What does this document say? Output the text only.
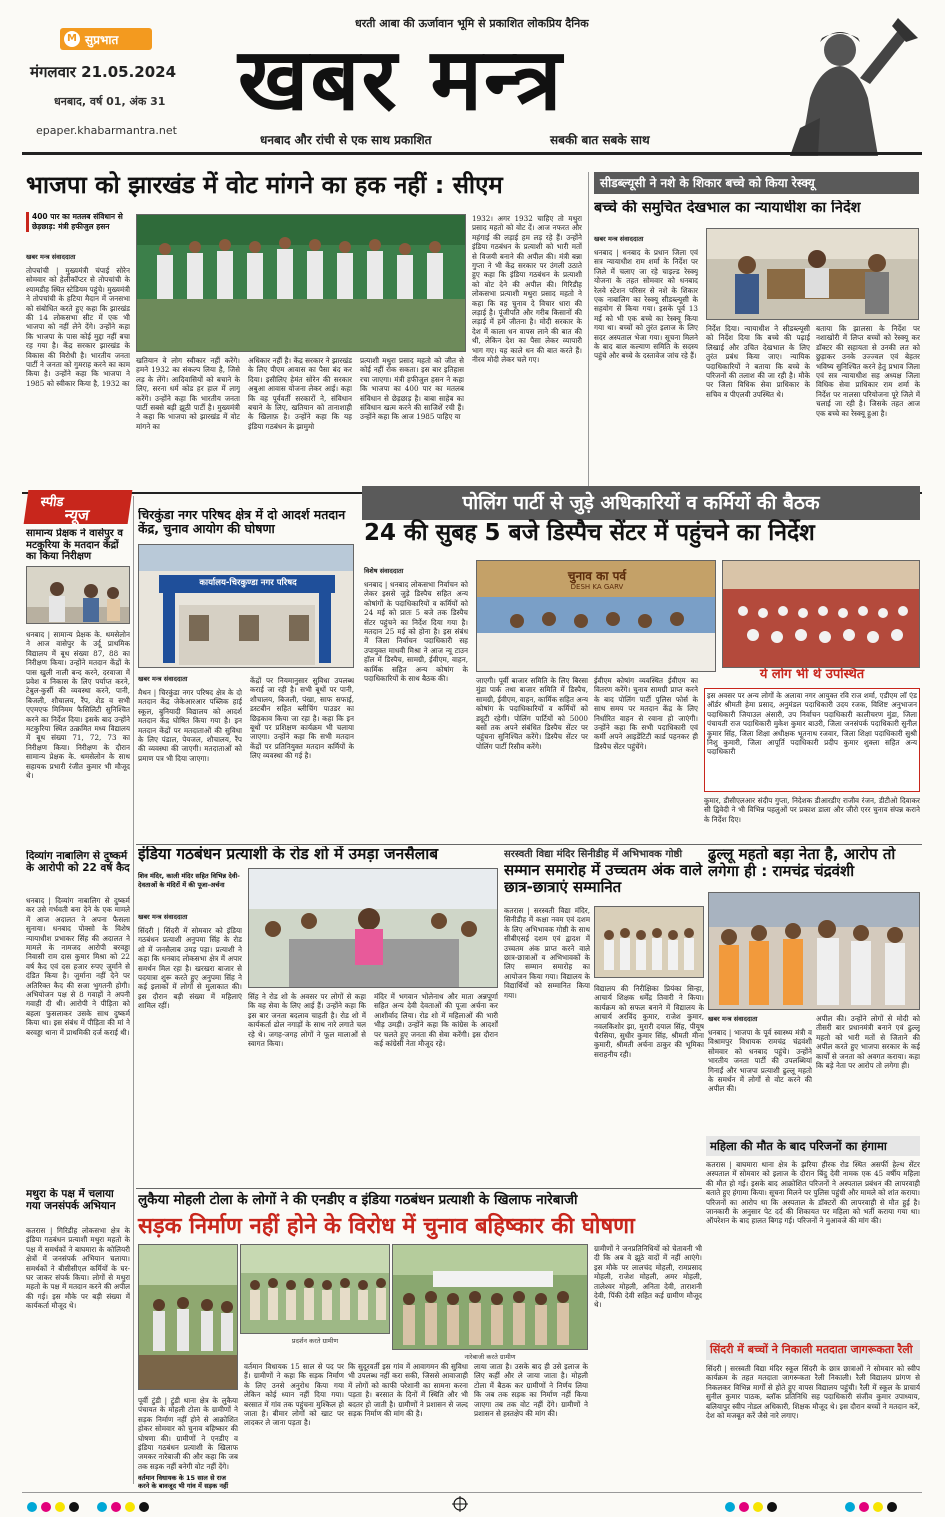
M सुप्रभात
धरती आबा की ऊर्जावान भूमि से प्रकाशित लोकप्रिय दैनिक
खबर मन्त्र
मंगलवार 21.05.2024
धनबाद, वर्ष 01, अंक 31
epaper.khabarmantra.net
धनबाद और रांची से एक साथ प्रकाशित	सबकी बात सबके साथ
भाजपा को झारखंड में वोट मांगने का हक नहीं : सीएम
400 पार का मतलब संविधान से छेड़छाड़: मंत्री हफीजुल हसन
खबर मन्त्र संवाददाता
तोपचांची | मुख्यमंत्री चंपाई सोरेन सोमवार को हेलीकॉप्टर से तोपचांची के श्यामडीह स्थित स्टेडियम पहुंचे। मुख्यमंत्री ने तोपचांची के हटिया मैदान में जनसभा को संबोधित करते हुए कहा कि झारखंड की 14 लोकसभा सीट में एक भी भाजपा को नहीं लेने देंगे। उन्होंने कहा कि भाजपा के पास कोई मुद्दा नहीं बचा रह गया है। केंद्र सरकार झारखंड के विकास की विरोधी है। भारतीय जनता पार्टी ने जनता को गुमराह करने का काम किया है। उन्होंने कहा कि भाजपा ने 1985 को स्वीकार किया है, 1932 का
खतियान वे लोग स्वीकार नहीं करेंगे। हमने 1932 का संकल्प लिया है, जिसे लड़ के लेंगे। आदिवासियों को बचाने के लिए, सरना धर्म कोड हर हाल में लागू करेंगे। उन्होंने कहा कि भारतीय जनता पार्टी सबसे बड़ी झूठी पार्टी है। मुख्यमंत्री ने कहा कि भाजपा को झारखंड में वोट मांगने का
अधिकार नहीं है। केंद्र सरकार ने झारखंड के लिए पीएम आवास का पैसा बंद कर दिया। इसीलिए हेमंत सोरेन की सरकार अबुआ आवास योजना लेकर आई। कहा कि वह पूर्ववर्ती सरकारों ने, संविधान बचाने के लिए, खतियान को तानाशाही के खिलाफ़ है। उन्होंने कहा कि यह इंडिया गठबंधन के झामुमो
प्रत्याशी मथुरा प्रसाद महतो को जीत से कोई नहीं रोक सकता। इस बार इतिहास रचा जाएगा। मंत्री हफीजुल हसन ने कहा कि भाजपा का 400 पार का मतलब संविधान से छेड़छाड़ है। बाबा साहेब का संविधान खत्म करने की साजिशें रची हैं। उन्होंने कहा कि आज 1985 पाहिए या
1932। अगर 1932 चाहिए तो मथुरा प्रसाद महतो को वोट दें। आज नफरत और महंगाई की लड़ाई हम लड़ रहे हैं। उन्होंने इंडिया गठबंधन के प्रत्याशी को भारी मतों से विजयी बनाने की अपील की। मंत्री बन्ना गुप्ता ने भी केंद्र सरकार पर उंगली उठाते हुए कहा कि इंडिया गठबंधन के प्रत्याशी को वोट देने की अपील की। गिरिडीह लोकसभा प्रत्याशी मथुरा प्रसाद महतो ने कहा कि वह चुनाव दे विचार धारा की लड़ाई है। पूंजीपति और गरीब किसानों की लड़ाई में हमें जीतना है। मोदी सरकार के देश में काला धन वापस लाने की बात की थी, लेकिन देश का पैसा लेकर व्यापारी भाग गए। यह काले धन की बात करते हैं। नीरव मोदी लेकर चले गए।
सीडब्ल्यूसी ने नशे के शिकार बच्चे को किया रेस्क्यू
बच्चे की समुचित देखभाल का न्यायाधीश का निर्देश
खबर मन्त्र संवाददाता
धनबाद | धनबाद के प्रधान जिला एवं सत्र न्यायाधीश राम शर्मा के निर्देश पर जिले में चलाए जा रहे चाइल्ड रेस्क्यू योजना के तहत सोमवार को धनबाद रेलवे स्टेशन परिसर से नशे के शिकार एक नाबालिग का रेस्क्यू सीडब्ल्यूसी के सहयोग से किया गया। इसके पूर्व 13 मई को भी एक बच्चे का रेस्क्यू किया गया था। बच्चों को तुरंत इलाज के लिए सदर अस्पताल भेजा गया। सूचना मिलने के बाद बाल कल्याण समिति के सदस्य पहुंचे और बच्चे के दस्तावेज जांच रहे हैं।
निर्देश दिया। न्यायाधीश ने सीडब्ल्यूसी को निर्देश दिया कि बच्चे की पढ़ाई लिखाई और उचित देखभाल के लिए तुरंत प्रबंध किया जाए। न्यायिक पदाधिकारियों ने बताया कि बच्चे के परिजनों की तलाश की जा रही है। मौके पर जिला विधिक सेवा प्राधिकार के सचिव व पीएलवी उपस्थित थे।
बताया कि झालसा के निर्देश पर नशाखोरी में लिप्त बच्चों को रेस्क्यू कर डॉक्टर की सहायता से उनकी लत को छुड़ाकर उनके उज्ज्वल एवं बेहतर भविष्य सुनिश्चित करने हेतु प्रभाव जिला एवं सत्र न्यायाधीश सह अध्यक्ष जिला विधिक सेवा प्राधिकार राम शर्मा के निर्देश पर नालसा परियोजना पूरे जिले में चलाई जा रही है। जिसके तहत आज एक बच्चे का रेस्क्यू हुआ है।
स्पीड
न्यूज
सामान्य प्रेक्षक ने वासेपुर व मटकुरिया के मतदान केंद्रों का किया निरीक्षण
धनबाद | सामान्य प्रेक्षक के. थमसेलोन ने आज वासेपुर के उर्दू प्राथमिक विद्यालय में बूथ संख्या 87, 88 का निरीक्षण किया। उन्होंने मतदान केंद्रों के पास खुली नाली बन्द करने, दरवाजा में प्रवेश व निकास के लिए पर्याप्त करने, टेबुल-कुर्सी की व्यवस्था करने, पानी, बिजली, शौचालय, रैंप, शेड व सभी एएमएफ मिनिमम फैसिलिटी सुनिश्चित करने का निर्देश दिया। इसके बाद उन्होंने मटकुरिया स्थित उत्क्रमित मध्य विद्यालय में बूथ संख्या 71, 72, 73 का निरीक्षण किया। निरीक्षण के दौरान सामान्य प्रेक्षक के. थमसेलोन के साथ सहायक प्रभारी रंजीत कुमार भी मौजूद थे।
दिव्यांग नाबालिग से दुष्कर्म के आरोपी को 22 वर्ष कैद
धनबाद | दिव्यांग नाबालिग से दुष्कर्म कर उसे गर्भवती बना देने के एक मामले में आज अदालत ने अपना फैसला सुनाया। धनबाद पोक्सो के विशेष न्यायाधीश प्रभाकर सिंह की अदालत ने मामले के नामजद आरोपी बरवड्डा निवासी राम दास कुमार मिश्रा को 22 वर्ष कैद एवं दस हजार रुपए जुर्माने से दंडित किया है। जुर्माना नहीं देने पर अतिरिक्त कैद की सजा भुगतनी होगी। अभियोजन पक्ष से 8 गवाहों ने अपनी गवाही दी थी। आरोपी ने पीड़िता को बहला फुसलाकर उसके साथ दुष्कर्म किया था। इस संबंध में पीड़िता की मां ने बरवड्डा थाना में प्राथमिकी दर्ज कराई थी।
मथुरा के पक्ष में चलाया गया जनसंपर्क अभियान
कतरास | गिरिडीह लोकसभा क्षेत्र के इंडिया गठबंधन प्रत्याशी मथुरा महतो के पक्ष में समर्थकों ने बाघमारा के कोलियरी क्षेत्रों में जनसंपर्क अभियान चलाया। समर्थकों ने बीसीसीएल कर्मियों के घर-घर जाकर संपर्क किया। लोगों से मथुरा महतो के पक्ष में मतदान करने की अपील की गई। इस मौके पर बड़ी संख्या में कार्यकर्ता मौजूद थे।
चिरकुंडा नगर परिषद क्षेत्र में दो आदर्श मतदान केंद्र, चुनाव आयोग की घोषणा
कार्यालय-चिरकुण्डा नगर परिषद
खबर मन्त्र संवाददाता
मैथन | चिरकुंडा नगर परिषद क्षेत्र के दो मतदान केंद्र जेकेआरआर पब्लिक हाई स्कूल, बुनियादी विद्यालय को आदर्श मतदान केंद्र घोषित किया गया है। इन मतदान केंद्रों पर मतदाताओं की सुविधा के लिए पंडाल, पेयजल, शौचालय, रैंप की व्यवस्था की जाएगी। मतदाताओं को प्रमाण पत्र भी दिया जाएगा।
केंद्रों पर नियमानुसार सुविधा उपलब्ध कराई जा रही है। सभी बूथों पर पानी, शौचालय, बिजली, पंखा, साफ सफाई, डस्टबीन सहित ब्लीचिंग पाउडर का छिड़काव किया जा रहा है। कहा कि इन बूथों पर प्रशिक्षण कार्यक्रम भी चलाया जाएगा। उन्होंने कहा कि सभी मतदान केंद्रों पर प्रतिनियुक्त मतदान कर्मियों के लिए व्यवस्था की गई है।
पोलिंग पार्टी से जुड़े अधिकारियों व कर्मियों की बैठक
24 की सुबह 5 बजे डिस्पैच सेंटर में पहुंचने का निर्देश
विशेष संवाददाता
धनबाद | धनबाद लोकसभा निर्वाचन को लेकर इससे जुड़े डिस्पैच सहित अन्य कोषांगों के पदाधिकारियों व कर्मियों को 24 मई को प्रातः 5 बजे तक डिस्पैच सेंटर पहुंचने का निर्देश दिया गया है। मतदान 25 मई को होना है। इस संबंध में जिला निर्वाचन पदाधिकारी सह उपायुक्त माधवी मिश्रा ने आज न्यू टाउन हॉल में डिस्पैच, सामग्री, ईवीएम, वाहन, कार्मिक सहित अन्य कोषांग के पदाधिकारियों के साथ बैठक की।
चुनाव का पर्व
DESH KA GARV
जाएगी। पूर्वी बाजार समिति के लिए बिरसा मुंडा पार्क तथा बाजार समिति में डिस्पैच, सामग्री, ईवीएम, वाहन, कार्मिक सहित अन्य कोषांग के पदाधिकारियों व कर्मियों को ड्यूटी रहेगी। पोलिंग पार्टियों को 5000 बसों तक अपने संबंधित डिस्पैच सेंटर पर पहुंचना सुनिश्चित करेंगे। डिस्पैच सेंटर पर पोलिंग पार्टी रिसीव करेंगे।
ईवीएम कोषांग व्यवस्थित ईवीएम का वितरण करेंगे। चुनाव सामग्री प्राप्त करने के बाद पोलिंग पार्टी पुलिस फोर्स के साथ समय पर मतदान केंद्र के लिए निर्धारित वाहन से रवाना हो जाएंगी। उन्होंने कहा कि सभी पदाधिकारी एवं कर्मी अपने आइडेंटिटी कार्ड पहनकर ही डिस्पैच सेंटर पहुंचेंगे।
ये लोग भी थे उपस्थित
इस अवसर पर अन्य लोगों के अलावा नगर आयुक्त रवि राज शर्मा, एडीएम लॉ एंड ऑर्डर श्रीमती हेमा प्रसाद, अनुमंडल पदाधिकारी उदय रजक, विशिष्ट अनुभाजन पदाधिकारी जियाउल अंसारी, उप निर्वाचन पदाधिकारी कालीचरण मुंडा, जिला पंचायती राज पदाधिकारी मुकेश कुमार बाउरी, जिला जनसंपर्क पदाधिकारी सुनील कुमार सिंह, जिला शिक्षा अधीक्षक भूतनाथ रजवार, जिला शिक्षा पदाधिकारी सुश्री निशु कुमारी, जिला आपूर्ति पदाधिकारी प्रदीप कुमार शुक्ला सहित अन्य पदाधिकारी
कुमार, डीसीएलआर संदीप गुप्ता, निदेशक डीआरडीए राजीव रंजन, डीटीओ दिवाकर सी द्विवेदी ने भी विभिन्न पहलुओं पर प्रकाश डाला और जीरो एरर चुनाव संपन्न कराने के निर्देश दिए।
इंडिया गठबंधन प्रत्याशी के रोड शो में उमड़ा जनसैलाब
शिव मंदिर, काली मंदिर सहित विभिन्न देवी-देवताओं के मंदिरों में की पूजा-अर्चना
खबर मन्त्र संवाददाता
सिंदरी | सिंदरी में सोमवार को इंडिया गठबंधन प्रत्याशी अनुपमा सिंह के रोड शो में जनसैलाब उमड़ पड़ा। प्रत्याशी ने कहा कि धनबाद लोकसभा क्षेत्र में अपार समर्थन मिल रहा है। खरखरा बाजार से पदयात्रा शुरू करते हुए अनुपमा सिंह ने कई इलाकों में लोगों से मुलाकात की। इस दौरान बड़ी संख्या में महिलाएं शामिल रहीं।
सिंह ने रोड शो के अवसर पर लोगों से कहा कि वह सेवा के लिए आई हैं। उन्होंने कहा कि इस बार जनता बदलाव चाहती है। रोड शो में कार्यकर्ता ढोल नगाड़ों के साथ नारे लगाते चल रहे थे। जगह-जगह लोगों ने फूल मालाओं से स्वागत किया।
मंदिर में भगवान भोलेनाथ और माता अन्नपूर्णा सहित अन्य देवी देवताओं की पूजा अर्चना कर आशीर्वाद लिया। रोड शो में महिलाओं की भारी भीड़ उमड़ी। उन्होंने कहा कि कांग्रेस के आदर्शों पर चलते हुए जनता की सेवा करेंगी। इस दौरान कई कांग्रेसी नेता मौजूद रहे।
सरस्वती विद्या मंदिर सिनीडीह में अभिभावक गोष्ठी
सम्मान समारोह में उच्चतम अंक वाले छात्र-छात्राएं सम्मानित
कतरास | सरस्वती विद्या मंदिर, सिनीडीह में कक्षा नवम एवं दशम के लिए अभिभावक गोष्ठी के साथ सीबीएसई दशम एवं द्वादश में उच्चतम अंक प्राप्त करने वाले छात्र-छात्राओं व अभिभावकों के लिए सम्मान समारोह का आयोजन किया गया। विद्यालय के विद्यार्थियों को सम्मानित किया गया।
विद्यालय की निरीक्षिका प्रियंका सिन्हा, आचार्य शिक्षक धर्मेंद्र तिवारी ने किया। कार्यक्रम को सफल बनाने में विद्यालय के आचार्य अरविंद कुमार, राजेश कुमार, नवलकिशोर झा, मुरारी दयाल सिंह, पीयूष चैरसिया, सुधीर कुमार सिंह, श्रीमती मीना कुमारी, श्रीमती अर्चना ठाकुर की भूमिका सराहनीय रही।
ढुल्लू महतो बड़ा नेता है, आरोप तो लगेगा ही : रामचंद्र चंद्रवंशी
खबर मन्त्र संवाददाता
धनबाद | भाजपा के पूर्व स्वास्थ्य मंत्री व विश्रामपुर विधायक रामचंद्र चंद्रवंशी सोमवार को धनबाद पहुंचे। उन्होंने भारतीय जनता पार्टी की उपलब्धियां गिनाईं और भाजपा प्रत्याशी ढुल्लू महतो के समर्थन में लोगों से वोट करने की अपील की।
अपील की। उन्होंने लोगों से मोदी को तीसरी बार प्रधानमंत्री बनाने एवं ढुल्लू महतो को भारी मतों से जिताने की अपील करते हुए भाजपा सरकार के कई कार्यों से जनता को अवगत कराया। कहा कि बड़े नेता पर आरोप तो लगेगा ही।
महिला की मौत के बाद परिजनों का हंगामा
कतरास | बाघमारा थाना क्षेत्र के झरिया हीरक रोड स्थित असर्फी हेल्थ सेंटर अस्पताल में सोमवार को इलाज के दौरान बिंदु देवी नामक एक 45 वर्षीय महिला की मौत हो गई। इसके बाद आक्रोशित परिजनों ने अस्पताल प्रबंधन की लापरवाही बताते हुए हंगामा किया। सूचना मिलने पर पुलिस पहुंची और मामले को शांत कराया। परिजनों का आरोप था कि अस्पताल के डॉक्टरों की लापरवाही से मौत हुई है। जानकारी के अनुसार पेट दर्द की शिकायत पर महिला को भर्ती कराया गया था। ऑपरेशन के बाद हालत बिगड़ गई। परिजनों ने मुआवजे की मांग की।
लुकैया मोहली टोला के लोगों ने की एनडीए व इंडिया गठबंधन प्रत्याशी के खिलाफ नारेबाजी
सड़क निर्माण नहीं होने के विरोध में चुनाव बहिष्कार की घोषणा
प्रदर्शन करते ग्रामीण
नारेबाजी करते ग्रामीण
पूर्वी टुंडी | टुंडी थाना क्षेत्र के लुकैया पंचायत के मोहली टोला के ग्रामीणों ने सड़क निर्माण नहीं होने से आक्रोशित होकर सोमवार को चुनाव बहिष्कार की घोषणा की। ग्रामीणों ने एनडीए व इंडिया गठबंधन प्रत्याशी के खिलाफ जमकर नारेबाजी की और कहा कि जब तक सड़क नहीं बनेगी वोट नहीं देंगे।
वर्तमान विधायक के 15 साल से राज करने के बावजूद भी गांव में सड़क नहीं
वर्तमान विधायक 15 साल से पद पर हैं। ग्रामीणों ने कहा कि सड़क निर्माण के लिए उनसे अनुरोध किया गया लेकिन कोई ध्यान नहीं दिया गया। बरसात में गांव तक पहुंचना मुश्किल हो जाता है। बीमार लोगों को खाट पर लादकर ले जाना पड़ता है।
कि सुदूरवर्ती इस गांव में आवागमन की सुविधा भी उपलब्ध नहीं करा सकी, जिससे आवाजाही में लोगों को काफी परेशानी का सामना करना पड़ता है। बरसात के दिनों में स्थिति और भी बदतर हो जाती है। ग्रामीणों ने प्रशासन से जल्द सड़क निर्माण की मांग की है।
लाया जाता है। उसके बाद ही उसे इलाज के लिए कहीं और ले जाया जाता है। मोहली टोला में बैठक कर ग्रामीणों ने निर्णय लिया कि जब तक सड़क का निर्माण नहीं किया जाएगा तब तक वोट नहीं देंगे। ग्रामीणों ने प्रशासन से हस्तक्षेप की मांग की।
ग्रामीणों ने जनप्रतिनिधियों को चेतावनी भी दी कि अब वे झूठे वादों में नहीं आएंगे। इस मौके पर लालचंद मोहली, रामप्रसाद मोहली, राजेश मोहली, अमर मोहली, तालेश्वर मोहली, अनिता देवी, ताराशनी देवी, पिंकी देवी सहित कई ग्रामीण मौजूद थे।
सिंदरी में बच्चों ने निकाली मतदाता जागरूकता रैली
सिंदरी | सरस्वती विद्या मंदिर स्कूल सिंदरी के छात्र छात्राओं ने सोमवार को स्वीप कार्यक्रम के तहत मतदाता जागरूकता रैली निकाली। रैली विद्यालय प्रांगण से निकलकर विभिन्न मार्गों से होते हुए वापस विद्यालय पहुंची। रैली में स्कूल के प्राचार्य सुनील कुमार पाठक, ब्लॉक प्रतिनिधि सह पदाधिकारी संजीव कुमार उपाध्याय, बलियापुर स्वीप नोडल अधिकारी, शिक्षक मौजूद थे। इस दौरान बच्चों ने मतदान करें, देश को मजबूत करें जैसे नारे लगाए।
